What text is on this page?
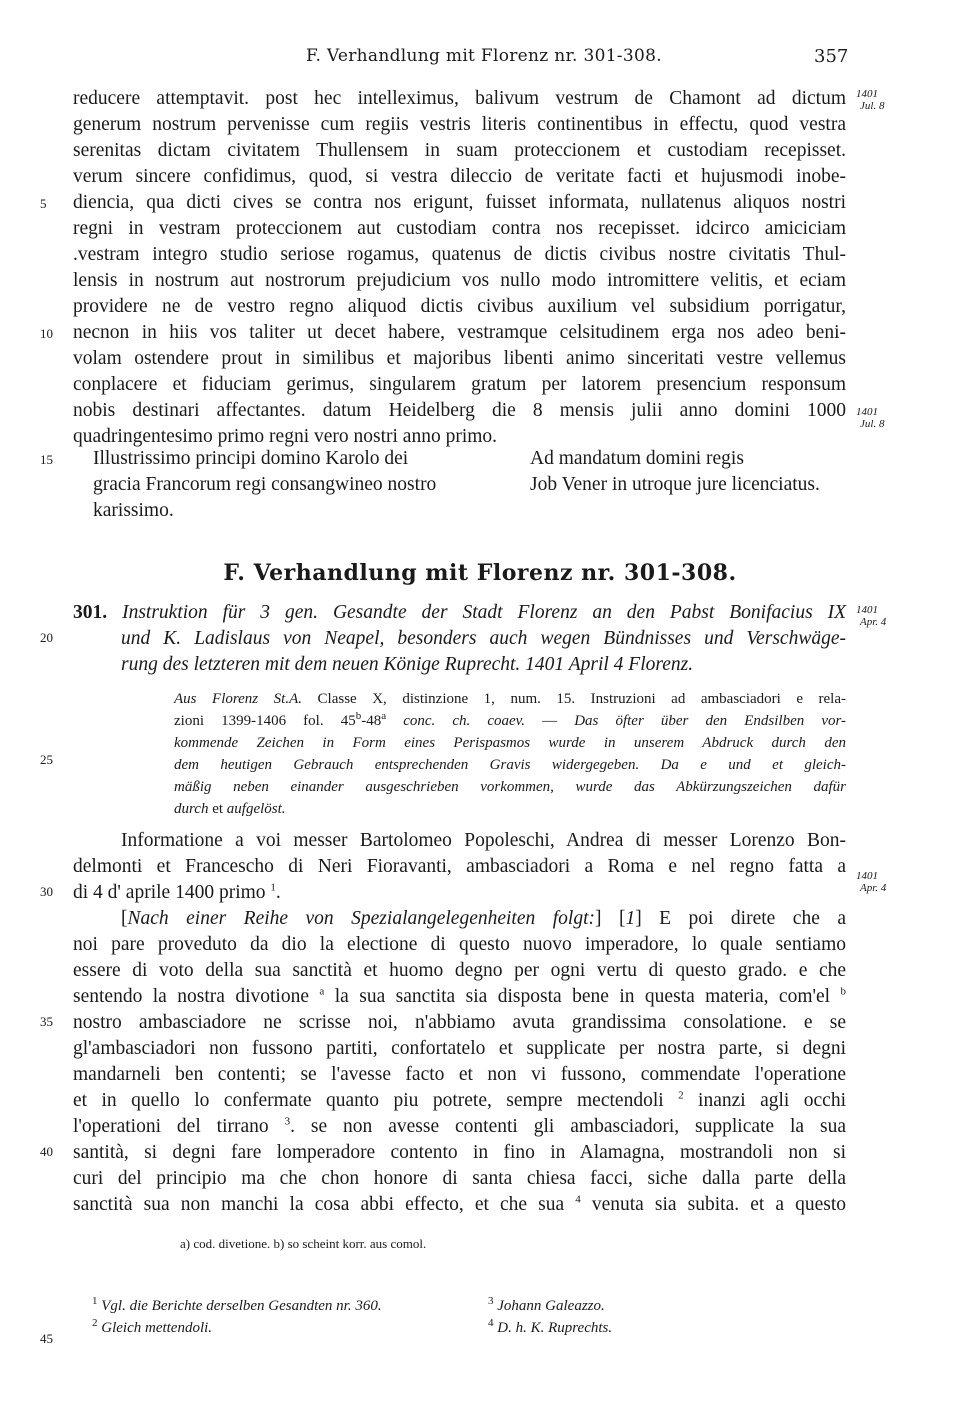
F. Verhandlung mit Florenz nr. 301-308.	357
reducere attemptavit. post hec intelleximus, balivum vestrum de Chamont ad dictum
generum nostrum pervenisse cum regiis vestris literis continentibus in effectu, quod vestra
serenitas dictam civitatem Thullensem in suam proteccionem et custodiam recepisset.
verum sincere confidimus, quod, si vestra dileccio de veritate facti et hujusmodi inobe-
diencia, qua dicti cives se contra nos erigunt, fuisset informata, nullatenus aliquos nostri
regni in vestram proteccionem aut custodiam contra nos recepisset. idcirco amiciciam
.vestram integro studio seriose rogamus, quatenus de dictis civibus nostre civitatis Thul-
lensis in nostrum aut nostrorum prejudicium vos nullo modo intromittere velitis, et eciam
providere ne de vestro regno aliquod dictis civibus auxilium vel subsidium porrigatur,
necnon in hiis vos taliter ut decet habere, vestramque celsitudinem erga nos adeo beni-
volam ostendere prout in similibus et majoribus libenti animo sinceritati vestre vellemus
conplacere et fiduciam gerimus, singularem gratum per latorem presencium responsum
nobis destinari affectantes. datum Heidelberg die 8 mensis julii anno domini 1000
quadringentesimo primo regni vero nostri anno primo.
Illustrissimo principi domino Karolo dei
gracia Francorum regi consangwineo nostro
karissimo.
Ad mandatum domini regis
Job Vener in utroque jure licenciatus.
1401
Jul. 8
1401
Jul. 8
1401
Apr. 4
1401
Apr. 4
5
10
15
20
25
30
35
40
45
F. Verhandlung mit Florenz nr. 301-308.
301. Instruktion für 3 gen. Gesandte der Stadt Florenz an den Pabst Bonifacius IX
und K. Ladislaus von Neapel, besonders auch wegen Bündnisses und Verschwäge-
rung des letzteren mit dem neuen Könige Ruprecht. 1401 April 4 Florenz.
Aus Florenz St.A. Classe X, distinzione 1, num. 15. Instruzioni ad ambasciadori e rela-
zioni 1399-1406 fol. 45$^b$-48$^a$ conc. ch. coaev. — Das öfter über den Endsilben vor-
kommende Zeichen in Form eines Perispasmos wurde in unserem Abdruck durch den
dem heutigen Gebrauch entsprechenden Gravis widergegeben. Da e und et gleich-
mäßig neben einander ausgeschrieben vorkommen, wurde das Abkürzungszeichen dafür
durch et aufgelöst.
Informatione a voi messer Bartolomeo Popoleschi, Andrea di messer Lorenzo Bon-
delmonti et Francescho di Neri Fioravanti, ambasciadori a Roma e nel regno fatta a
di 4 d' aprile 1400 primo $^1$.
[Nach einer Reihe von Spezialangelegenheiten folgt:] [1] E poi direte che a
noi pare proveduto da dio la electione di questo nuovo imperadore, lo quale sentiamo
essere di voto della sua sanctità et huomo degno per ogni vertu di questo grado. e che
sentendo la nostra divotione $^a$ la sua sanctita sia disposta bene in questa materia, com'el $^b$
nostro ambasciadore ne scrisse noi, n'abbiamo avuta grandissima consolatione. e se
gl'ambasciadori non fussono partiti, confortatelo et supplicate per nostra parte, si degni
mandarneli ben contenti; se l'avesse facto et non vi fussono, commendate l'operatione
et in quello lo confermate quanto piu potrete, sempre mectendoli $^2$ inanzi agli occhi
l'operationi del tirrano $^3$. se non avesse contenti gli ambasciadori, supplicate la sua
santità, si degni fare lomperadore contento in fino in Alamagna, mostrandoli non si
curi del principio ma che chon honore di santa chiesa facci, siche dalla parte della
sanctità sua non manchi la cosa abbi effecto, et che sua $^4$ venuta sia subita. et a questo
a) cod. divetione. b) so scheint korr. aus comol.
$^1$ Vgl. die Berichte derselben Gesandten nr. 360.
$^2$ Gleich mettendoli.
$^3$ Johann Galeazzo.
$^4$ D. h. K. Ruprechts.
